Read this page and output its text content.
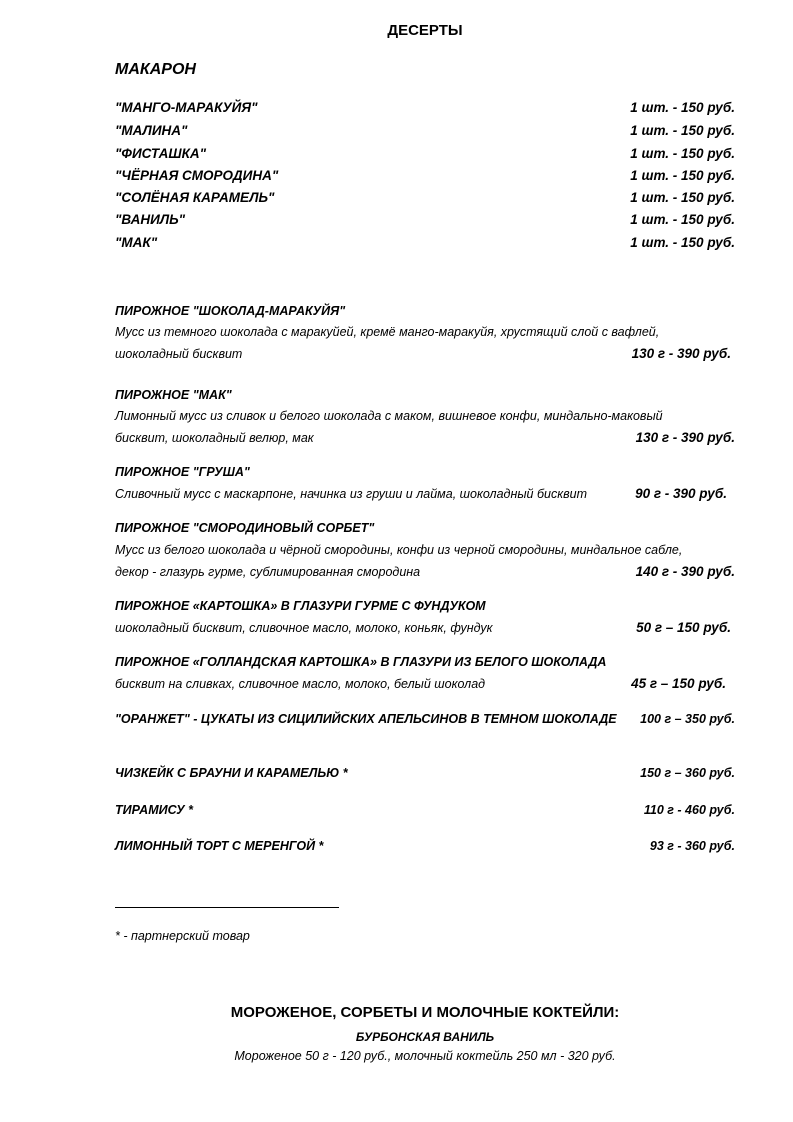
ДЕСЕРТЫ
МАКАРОН
"МАНГО-МАРАКУЙЯ"	1 шт. - 150 руб.
"МАЛИНА"	1 шт. - 150 руб.
"ФИСТАШКА"	1 шт. - 150 руб.
"ЧЁРНАЯ СМОРОДИНА"	1 шт. - 150 руб.
"СОЛЁНАЯ КАРАМЕЛЬ"	1 шт. - 150 руб.
"ВАНИЛЬ"	1 шт. - 150 руб.
"МАК"	1 шт. - 150 руб.
ПИРОЖНОЕ "ШОКОЛАД-МАРАКУЙЯ"
Мусс из темного шоколада с маракуйей, кремё манго-маракуйя, хрустящий слой с вафлей,
шоколадный бисквит	130 г - 390 руб.
ПИРОЖНОЕ "МАК"
Лимонный мусс из сливок и белого шоколада с маком, вишневое конфи, миндально-маковый
бисквит, шоколадный велюр, мак	130 г - 390 руб.
ПИРОЖНОЕ "ГРУША"
Сливочный мусс с маскарпоне, начинка из груши и лайма, шоколадный бисквит	90 г - 390 руб.
ПИРОЖНОЕ "СМОРОДИНОВЫЙ СОРБЕТ"
Мусс из белого шоколада и чёрной смородины, конфи из черной смородины, миндальное сабле,
декор - глазурь гурме, сублимированная смородина	140 г - 390 руб.
ПИРОЖНОЕ «КАРТОШКА» В ГЛАЗУРИ ГУРМЕ С ФУНДУКОМ
шоколадный бисквит, сливочное масло, молоко, коньяк, фундук	50 г – 150 руб.
ПИРОЖНОЕ «ГОЛЛАНДСКАЯ КАРТОШКА» В ГЛАЗУРИ ИЗ БЕЛОГО ШОКОЛАДА
бисквит на сливках, сливочное масло, молоко, белый шоколад	45 г – 150 руб.
"ОРАНЖЕТ" - ЦУКАТЫ ИЗ СИЦИЛИЙСКИХ АПЕЛЬСИНОВ В ТЕМНОМ ШОКОЛАДЕ 100 г – 350 руб.
ЧИЗКЕЙК С БРАУНИ И КАРАМЕЛЬЮ *	150 г – 360 руб.
ТИРАМИСУ *	110 г - 460 руб.
ЛИМОННЫЙ ТОРТ С МЕРЕНГОЙ *	93 г - 360 руб.
* - партнерский товар
МОРОЖЕНОЕ, СОРБЕТЫ И МОЛОЧНЫЕ КОКТЕЙЛИ:
БУРБОНСКАЯ ВАНИЛЬ
Мороженое 50 г - 120 руб., молочный коктейль 250 мл - 320 руб.
